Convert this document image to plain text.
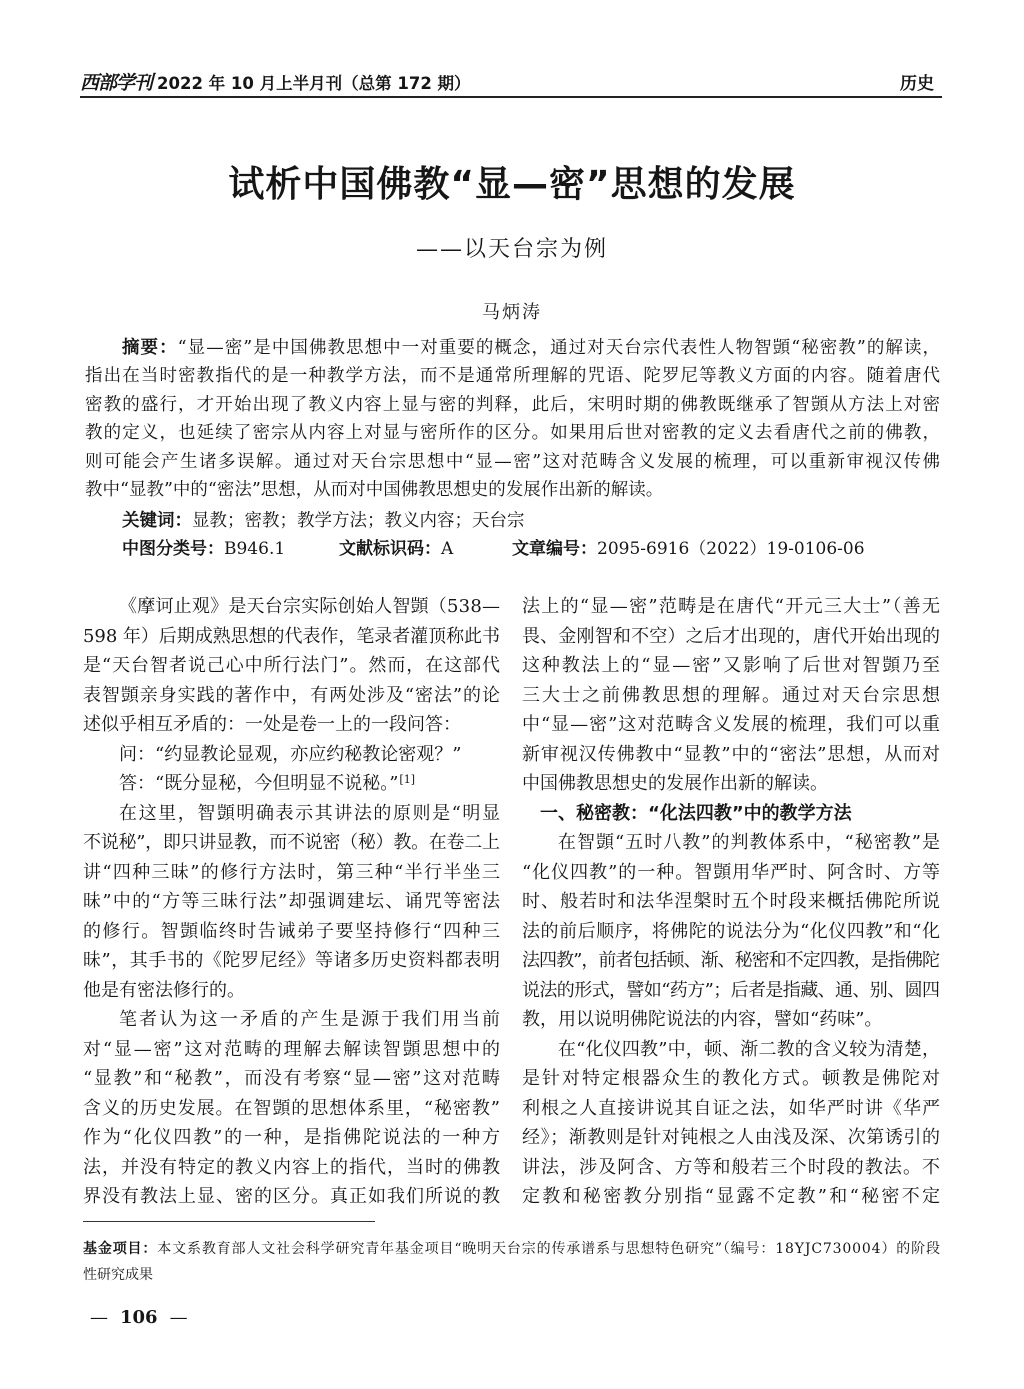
西部学刊 2022 年 10 月上半月刊（总第 172 期）	历史
试析中国佛教“显—密”思想的发展
——以天台宗为例
马炳涛
摘要：“显—密”是中国佛教思想中一对重要的概念，通过对天台宗代表性人物智顗“秘密教”的解读，
指出在当时密教指代的是一种教学方法，而不是通常所理解的咒语、陀罗尼等教义方面的内容。随着唐代
密教的盛行，才开始出现了教义内容上显与密的判释，此后，宋明时期的佛教既继承了智顗从方法上对密
教的定义，也延续了密宗从内容上对显与密所作的区分。如果用后世对密教的定义去看唐代之前的佛教，
则可能会产生诸多误解。通过对天台宗思想中“显—密”这对范畴含义发展的梳理，可以重新审视汉传佛
教中“显教”中的“密法”思想，从而对中国佛教思想史的发展作出新的解读。
关键词：显教；密教；教学方法；教义内容；天台宗
中图分类号：B946.1	文献标识码：A	文章编号：2095-6916（2022）19-0106-06
《摩诃止观》是天台宗实际创始人智顗（538—
598 年）后期成熟思想的代表作，笔录者灌顶称此书
是“天台智者说己心中所行法门”。然而，在这部代
表智顗亲身实践的著作中，有两处涉及“密法”的论
述似乎相互矛盾的：一处是卷一上的一段问答：
问：“约显教论显观，亦应约秘教论密观？”
答：“既分显秘，今但明显不说秘。”[1]
在这里，智顗明确表示其讲法的原则是“明显
不说秘”，即只讲显教，而不说密（秘）教。在卷二上
讲“四种三昧”的修行方法时，第三种“半行半坐三
昧”中的“方等三昧行法”却强调建坛、诵咒等密法
的修行。智顗临终时告诫弟子要坚持修行“四种三
昧”，其手书的《陀罗尼经》等诸多历史资料都表明
他是有密法修行的。
笔者认为这一矛盾的产生是源于我们用当前
对“显—密”这对范畴的理解去解读智顗思想中的
“显教”和“秘教”，而没有考察“显—密”这对范畴
含义的历史发展。在智顗的思想体系里，“秘密教”
作为“化仪四教”的一种，是指佛陀说法的一种方
法，并没有特定的教义内容上的指代，当时的佛教
界没有教法上显、密的区分。真正如我们所说的教
法上的“显—密”范畴是在唐代“开元三大士”（善无
畏、金刚智和不空）之后才出现的，唐代开始出现的
这种教法上的“显—密”又影响了后世对智顗乃至
三大士之前佛教思想的理解。通过对天台宗思想
中“显—密”这对范畴含义发展的梳理，我们可以重
新审视汉传佛教中“显教”中的“密法”思想，从而对
中国佛教思想史的发展作出新的解读。
一、秘密教：“化法四教”中的教学方法
在智顗“五时八教”的判教体系中，“秘密教”是
“化仪四教”的一种。智顗用华严时、阿含时、方等
时、般若时和法华涅槃时五个时段来概括佛陀所说
法的前后顺序，将佛陀的说法分为“化仪四教”和“化
法四教”，前者包括顿、渐、秘密和不定四教，是指佛陀
说法的形式，譬如“药方”；后者是指藏、通、别、圆四
教，用以说明佛陀说法的内容，譬如“药味”。
在“化仪四教”中，顿、渐二教的含义较为清楚，
是针对特定根器众生的教化方式。顿教是佛陀对
利根之人直接讲说其自证之法，如华严时讲《华严
经》；渐教则是针对钝根之人由浅及深、次第诱引的
讲法，涉及阿含、方等和般若三个时段的教法。不
定教和秘密教分别指“显露不定教”和“秘密不定
基金项目：本文系教育部人文社会科学研究青年基金项目“晚明天台宗的传承谱系与思想特色研究”（编号：18YJC730004）的阶段
性研究成果
— 106 —
